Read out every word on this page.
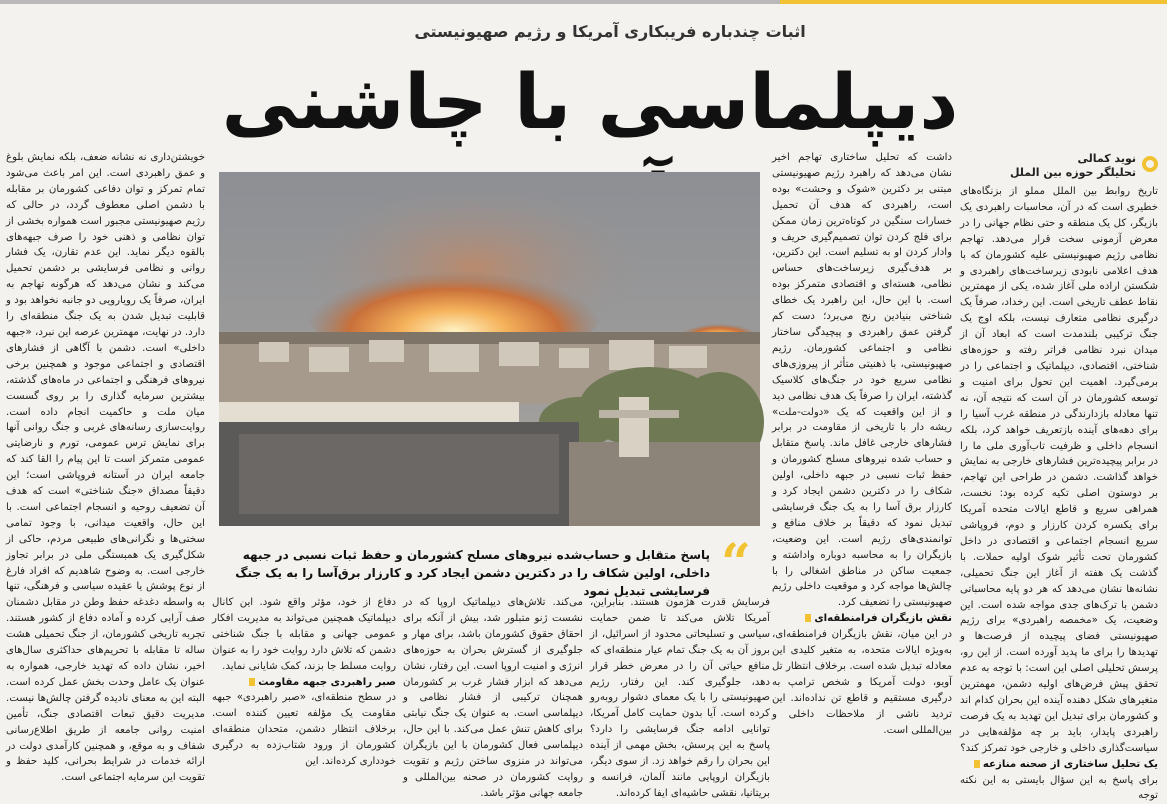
اثبات چندباره فریبکاری آمریکا و رژیم صهیونیستی
دیپلماسی با چاشنی
نوید کمالی
تحلیلگر حوزه بین الملل

تاریخ روابط بین الملل مملو از بزنگاه‌های خطیری است که در آن، محاسبات راهبردی یک بازیگر، کل یک منطقه و حتی نظام جهانی را در معرض آزمونی سخت قرار می‌دهد. تهاجم نظامی رژیم صهیونیستی علیه کشورمان که با هدف اعلامی نابودی زیرساخت‌های راهبردی و شکستن اراده ملی آغاز شده، یکی از مهمترین نقاط عطف تاریخی است. این رخداد، صرفاً یک درگیری نظامی متعارف نیست، بلکه اوج یک جنگ ترکیبی بلندمدت است که ابعاد آن از میدان نبرد نظامی فراتر رفته و حوزه‌های شناختی، اقتصادی، دیپلماتیک و اجتماعی را در برمی‌گیرد. اهمیت این تحول برای امنیت و توسعه کشورمان در آن است که نتیجه آن، نه تنها معادله بازدارندگی در منطقه غرب آسیا را برای دهه‌های آینده بازتعریف خواهد کرد، بلکه انسجام داخلی و ظرفیت تاب‌آوری ملی ما را در برابر پیچیده‌ترین فشارهای خارجی به نمایش خواهد گذاشت. دشمن در طراحی این تهاجم، بر دوستون اصلی تکیه کرده بود: نخست، همراهی سریع و قاطع ایالات متحده آمریکا برای یکسره کردن کارزار و دوم، فروپاشی سریع انسجام اجتماعی و اقتصادی در داخل کشورمان تحت تأثیر شوک اولیه حملات. با گذشت یک هفته از آغاز این جنگ تحمیلی، نشانه‌ها نشان می‌دهد که هر دو پایه محاسباتی دشمن با ترک‌های جدی مواجه شده است. این وضعیت، یک «مخمصه راهبردی» برای رژیم صهیونیستی فضای پیچیده از فرصت‌ها و تهدیدها را برای ما پدید آورده است. از این رو، پرسش تحلیلی اصلی این است: با توجه به عدم تحقق پیش فرض‌های اولیه دشمن، مهمترین متغیرهای شکل دهنده آینده این بحران کدام اند و کشورمان برای تبدیل این تهدید به یک فرصت راهبردی پایدار، باید بر چه مؤلفه‌هایی در سیاست‌گذاری داخلی و خارجی خود تمرکز کند؟

یک تحلیل ساختاری از صحنه منازعه

برای پاسخ به این سؤال بایستی به این نکته توجه

داشت که تحلیل ساختاری تهاجم اخیر نشان می‌دهد که راهبرد رژیم صهیونیستی مبتنی بر دکترین «شوک و وحشت» بوده است، راهبردی که هدف آن تحمیل خسارات سنگین در کوتاه‌ترین زمان ممکن برای فلج کردن توان تصمیم‌گیری حریف و وادار کردن او به تسلیم است. این دکترین، بر هدف‌گیری زیرساخت‌های حساس نظامی، هسته‌ای و اقتصادی متمرکز بوده است. با این حال، این راهبرد یک خطای شناختی بنیادین رنج می‌برد؛ دست کم گرفتن عمق راهبردی و پیچیدگی ساختار نظامی و اجتماعی کشورمان. رژیم صهیونیستی، با ذهنیتی متأثر از پیروزی‌های نظامی سریع خود در جنگ‌های کلاسیک گذشته، ایران را صرفاً یک هدف نظامی دید و از این واقعیت که یک «دولت-ملت» ریشه دار با تاریخی از مقاومت در برابر فشارهای خارجی غافل ماند. پاسخ متقابل و حساب شده نیروهای مسلح کشورمان و حفظ ثبات نسبی در جبهه داخلی، اولین شکاف را در دکترین دشمن ایجاد کرد و کارزار برق آسا را به یک جنگ فرسایشی تبدیل نمود که دقیقاً بر خلاف منافع و توانمندی‌های رژیم است. این وضعیت، بازیگران را به محاسبه دوباره واداشته و جمعیت ساکن در مناطق اشغالی را با چالش‌ها مواجه کرد و موقعیت داخلی رژیم صهیونیستی را تضعیف کرد.

نقش بازیگران فرامنطقه‌ای

در این میان، نقش بازیگران فرامنطقه‌ای، به‌ویژه ایالات متحده، به متغیر کلیدی این معادله تبدیل شده است. برخلاف انتظار تل آویو، دولت آمریکا و شخص ترامپ به درگیری مستقیم و قاطع تن نداده‌اند. این تردید ناشی از ملاحظات داخلی و بین‌المللی است.

خویشتن‌داری نه نشانه ضعف، بلکه نمایش بلوغ و عمق راهبردی است. این امر باعث می‌شود تمام تمرکز و توان دفاعی کشورمان بر مقابله با دشمن اصلی معطوف گردد، در حالی که رژیم صهیونیستی مجبور است همواره بخشی از توان نظامی و ذهنی خود را صرف جبهه‌های بالقوه دیگر نماید. این عدم تقارن، یک فشار روانی و نظامی فرسایشی بر دشمن تحمیل می‌کند و نشان می‌دهد که هرگونه تهاجم به ایران، صرفاً یک رویارویی دو جانبه نخواهد بود و قابلیت تبدیل شدن به یک جنگ منطقه‌ای را دارد. در نهایت، مهمترین عرصه این نبرد، «جبهه داخلی» است. دشمن با آگاهی از فشارهای اقتصادی و اجتماعی موجود و همچنین برخی نیروهای فرهنگی و اجتماعی در ماه‌های گذشته، بیشترین سرمایه گذاری را بر روی گسست میان ملت و حاکمیت انجام داده است. روایت‌سازی رسانه‌های غربی و جنگ روانی آنها برای نمایش ترس عمومی، تورم و نارضایتی عمومی متمرکز است تا این پیام را القا کند که جامعه ایران در آستانه فروپاشی است؛ این دقیقاً مصداق «جنگ شناختی» است که هدف آن تضعیف روحیه و انسجام اجتماعی است. با این حال، واقعیت میدانی، با وجود تمامی سختی‌ها و نگرانی‌های طبیعی مردم، حاکی از شکل‌گیری یک همبستگی ملی در برابر تجاوز خارجی است. به وضوح شاهدیم که افراد فارغ از نوع پوشش یا عقیده سیاسی و فرهنگی، تنها به واسطه دغدغه حفظ وطن در مقابل دشمنان صف آرایی کرده و آماده دفاع از کشور هستند. تجربه تاریخی کشورمان، از جنگ تحمیلی هشت ساله تا مقابله با تحریم‌های حداکثری سال‌های اخیر، نشان داده که تهدید خارجی، همواره به عنوان یک عامل وحدت بخش عمل کرده است. البته این به معنای نادیده گرفتن چالش‌ها نیست. مدیریت دقیق تبعات اقتصادی جنگ، تأمین امنیت روانی جامعه از طریق اطلاع‌رسانی شفاف و به موقع، و همچنین کارآمدی دولت در ارائه خدمات در شرایط بحرانی، کلید حفظ و تقویت این سرمایه اجتماعی است.

“
پاسخ متقابل و حساب‌شده نیروهای مسلح کشورمان و حفظ ثبات نسبی در جبهه داخلی، اولین شکاف را در دکترین دشمن ایجاد کرد و کارزار برق‌آسا را به یک جنگ فرسایشی تبدیل نمود

فرسایش قدرت هژمون هستند. بنابراین، آمریکا تلاش می‌کند تا ضمن حمایت سیاسی و تسلیحاتی محدود از اسرائیل، از بروز آن به یک جنگ تمام عیار منطقه‌ای که منافع حیاتی آن را در معرض خطر قرار دهد، جلوگیری کند. این رفتار، رژیم صهیونیستی را با یک معمای دشوار روبه‌رو کرده است. آیا بدون حمایت کامل آمریکا، توانایی ادامه جنگ فرسایشی را دارد؟ پاسخ به این پرسش، بخش مهمی از آینده این بحران را رقم خواهد زد. از سوی دیگر، بازیگران اروپایی مانند آلمان، فرانسه و بریتانیا، نقشی حاشیه‌ای ایفا کرده‌اند.

می‌کند. تلاش‌های دیپلماتیک اروپا که در نشست ژنو متبلور شد، بیش از آنکه برای احقاق حقوق کشورمان باشد، برای مهار و جلوگیری از گسترش بحران به حوزه‌های انرژی و امنیت اروپا است. این رفتار، نشان می‌دهد که ابزار فشار غرب بر کشورمان همچنان ترکیبی از فشار نظامی و دیپلماسی است. به عنوان یک جنگ نیابتی برای کاهش تنش عمل می‌کند. با این حال، دیپلماسی فعال کشورمان با این بازیگران می‌تواند در منزوی ساختن رژیم و تقویت روایت کشورمان در صحنه بین‌المللی و جامعه جهانی مؤثر باشد.

دفاع از خود، مؤثر واقع شود. این کانال دیپلماتیک همچنین می‌تواند به مدیریت افکار عمومی جهانی و مقابله با جنگ شناختی دشمن که تلاش دارد روایت خود را به عنوان روایت مسلط جا بزند، کمک شایانی نماید.

صبر راهبردی جبهه مقاومت

در سطح منطقه‌ای، «صبر راهبردی» جبهه مقاومت یک مؤلفه تعیین کننده است. برخلاف انتظار دشمن، متحدان منطقه‌ای کشورمان از ورود شتاب‌زده به درگیری خودداری کرده‌اند. این
